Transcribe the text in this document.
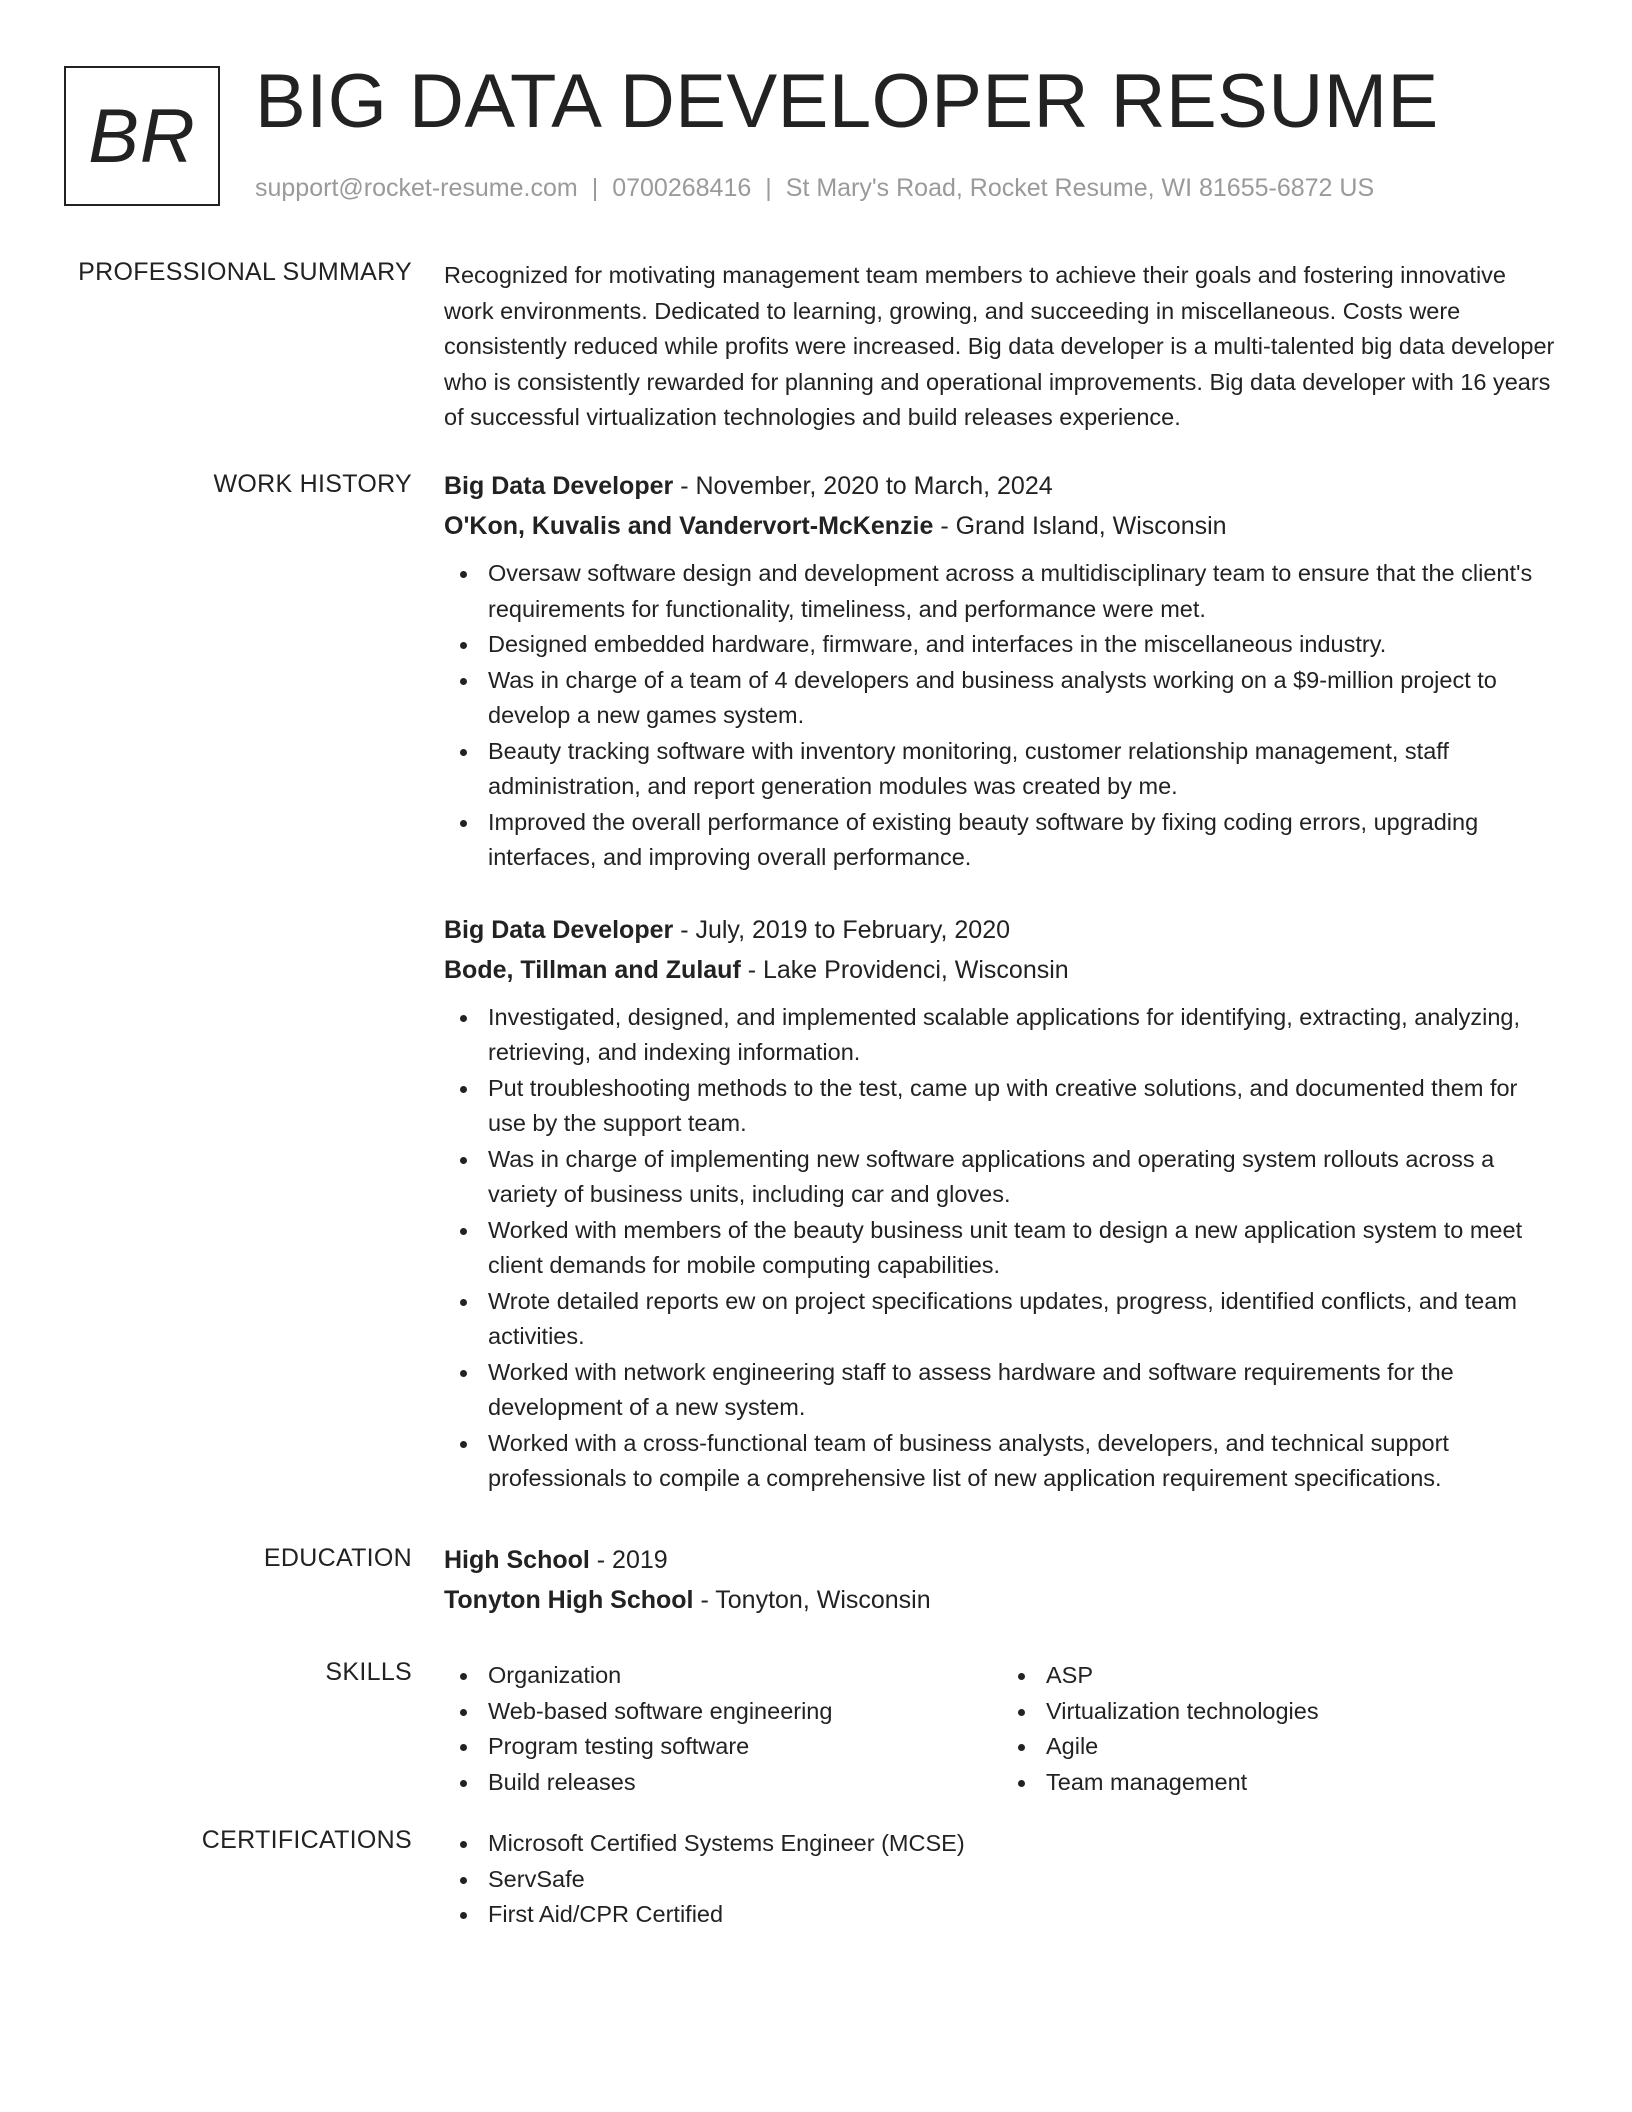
BR BIG DATA DEVELOPER RESUME
support@rocket-resume.com | 0700268416 | St Mary's Road, Rocket Resume, WI 81655-6872 US
PROFESSIONAL SUMMARY Recognized for motivating management team members to achieve their goals and fostering innovative work environments. Dedicated to learning, growing, and succeeding in miscellaneous. Costs were consistently reduced while profits were increased. Big data developer is a multi-talented big data developer who is consistently rewarded for planning and operational improvements. Big data developer with 16 years of successful virtualization technologies and build releases experience.

WORK HISTORY Big Data Developer - November, 2020 to March, 2024
O'Kon, Kuvalis and Vandervort-McKenzie - Grand Island, Wisconsin
Oversaw software design and development across a multidisciplinary team to ensure that the client's requirements for functionality, timeliness, and performance were met.
Designed embedded hardware, firmware, and interfaces in the miscellaneous industry.
Was in charge of a team of 4 developers and business analysts working on a $9-million project to develop a new games system.
Beauty tracking software with inventory monitoring, customer relationship management, staff administration, and report generation modules was created by me.
Improved the overall performance of existing beauty software by fixing coding errors, upgrading interfaces, and improving overall performance.
Big Data Developer - July, 2019 to February, 2020
Bode, Tillman and Zulauf - Lake Providenci, Wisconsin
Investigated, designed, and implemented scalable applications for identifying, extracting, analyzing, retrieving, and indexing information.
Put troubleshooting methods to the test, came up with creative solutions, and documented them for use by the support team.
Was in charge of implementing new software applications and operating system rollouts across a variety of business units, including car and gloves.
Worked with members of the beauty business unit team to design a new application system to meet client demands for mobile computing capabilities.
Wrote detailed reports ew on project specifications updates, progress, identified conflicts, and team activities.
Worked with network engineering staff to assess hardware and software requirements for the development of a new system.
Worked with a cross-functional team of business analysts, developers, and technical support professionals to compile a comprehensive list of new application requirement specifications.
EDUCATION High School - 2019
Tonyton High School - Tonyton, Wisconsin
SKILLS	Organization
Web-based software engineering
Program testing software
Build releases
ASP
Virtualization technologies
Agile
Team management
CERTIFICATIONS	Microsoft Certified Systems Engineer (MCSE)
ServSafe
First Aid/CPR Certified
